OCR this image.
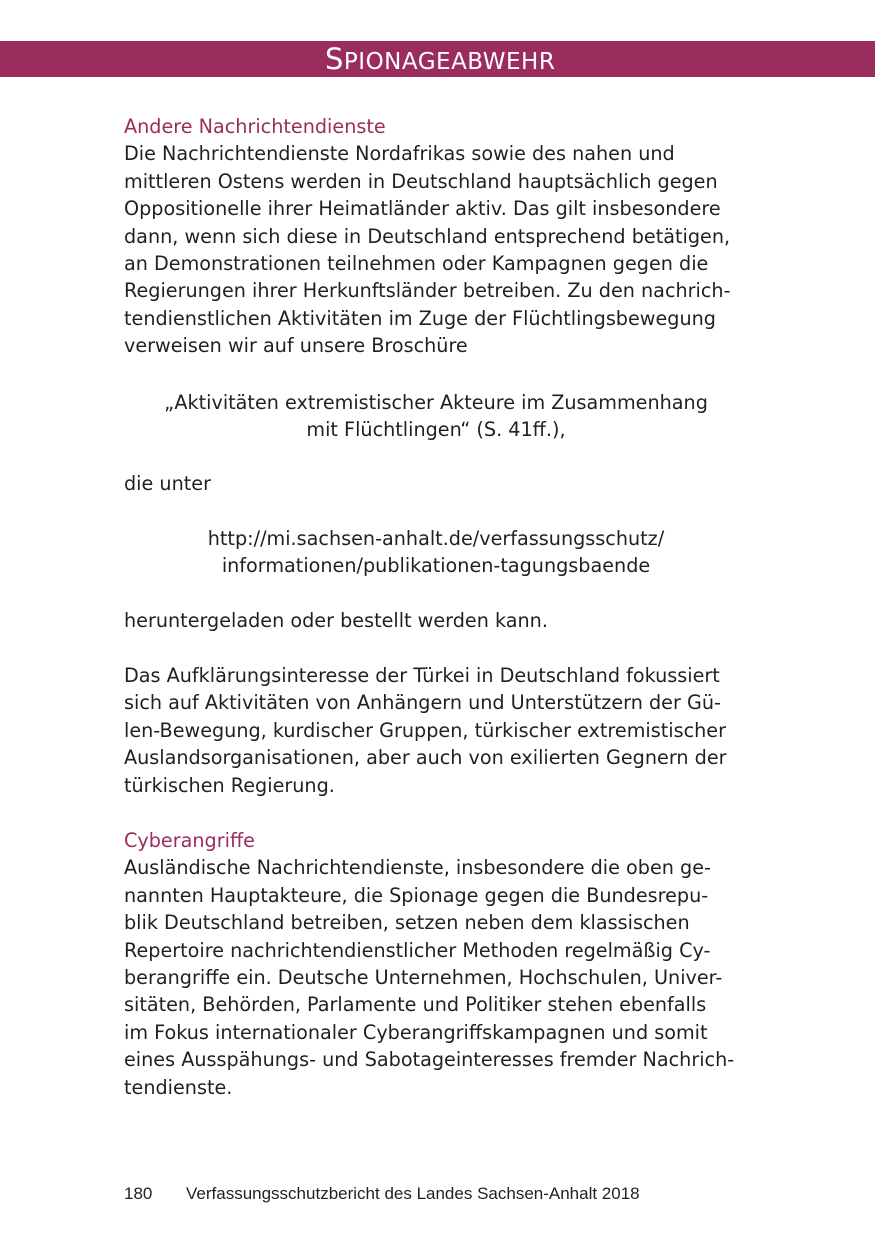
SPIONAGEABWEHR
Andere Nachrichtendienste
Die Nachrichtendienste Nordafrikas sowie des nahen und
mittleren Ostens werden in Deutschland hauptsächlich gegen
Oppositionelle ihrer Heimatländer aktiv. Das gilt insbesondere
dann, wenn sich diese in Deutschland entsprechend betätigen,
an Demonstrationen teilnehmen oder Kampagnen gegen die
Regierungen ihrer Herkunftsländer betreiben. Zu den nachrich-
tendienstlichen Aktivitäten im Zuge der Flüchtlingsbewegung
verweisen wir auf unsere Broschüre
„Aktivitäten extremistischer Akteure im Zusammenhang
mit Flüchtlingen“ (S. 41ff.),
die unter
http://mi.sachsen-anhalt.de/verfassungsschutz/
informationen/publikationen-tagungsbaende
heruntergeladen oder bestellt werden kann.
Das Aufklärungsinteresse der Türkei in Deutschland fokussiert
sich auf Aktivitäten von Anhängern und Unterstützern der Gü-
len-Bewegung, kurdischer Gruppen, türkischer extremistischer
Auslandsorganisationen, aber auch von exilierten Gegnern der
türkischen Regierung.
Cyberangriffe
Ausländische Nachrichtendienste, insbesondere die oben ge-
nannten Hauptakteure, die Spionage gegen die Bundesrepu-
blik Deutschland betreiben, setzen neben dem klassischen
Repertoire nachrichtendienstlicher Methoden regelmäßig Cy-
berangriffe ein. Deutsche Unternehmen, Hochschulen, Univer-
sitäten, Behörden, Parlamente und Politiker stehen ebenfalls
im Fokus internationaler Cyberangriffskampagnen und somit
eines Ausspähungs- und Sabotageinteresses fremder Nachrich-
tendienste.
180 Verfassungsschutzbericht des Landes Sachsen-Anhalt 2018
